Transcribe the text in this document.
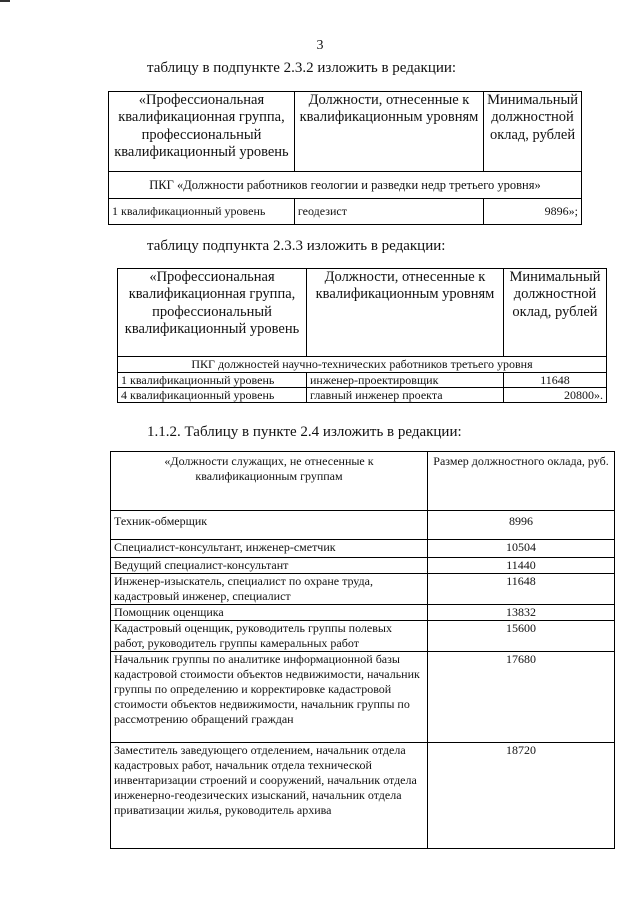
3
таблицу в подпункте 2.3.2 изложить в редакции:
«Профессиональная квалификационная группа, профессиональный квалификационный уровень	Должности, отнесенные к квалификационным уровням	Минимальный должностной оклад, рублей
ПКГ «Должности работников геологии и разведки недр третьего уровня»		
1 квалификационный уровень	геодезист	9896»;
таблицу подпункта 2.3.3 изложить в редакции:
«Профессиональная квалификационная группа, профессиональный квалификационный уровень	Должности, отнесенные к квалификационным уровням	Минимальный должностной оклад, рублей
ПКГ должностей научно-технических работников третьего уровня		
1 квалификационный уровень	инженер-проектировщик	11648
4 квалификационный уровень	главный инженер проекта	20800».
1.1.2. Таблицу в пункте 2.4 изложить в редакции:
«Должности служащих, не отнесенные к квалификационным группам	Размер должностного оклада, руб.
Техник-обмерщик	8996
Специалист-консультант, инженер-сметчик	10504
Ведущий специалист-консультант	11440
Инженер-изыскатель, специалист по охране труда, кадастровый инженер, специалист	11648
Помощник оценщика	13832
Кадастровый оценщик, руководитель группы полевых работ, руководитель группы камеральных работ	15600
Начальник группы по аналитике информационной базы кадастровой стоимости объектов недвижимости, начальник группы по определению и корректировке кадастровой стоимости объектов недвижимости, начальник группы по рассмотрению обращений граждан	17680
Заместитель заведующего отделением, начальник отдела кадастровых работ, начальник отдела технической инвентаризации строений и сооружений, начальник отдела инженерно-геодезических изысканий, начальник отдела приватизации жилья, руководитель архива	18720
